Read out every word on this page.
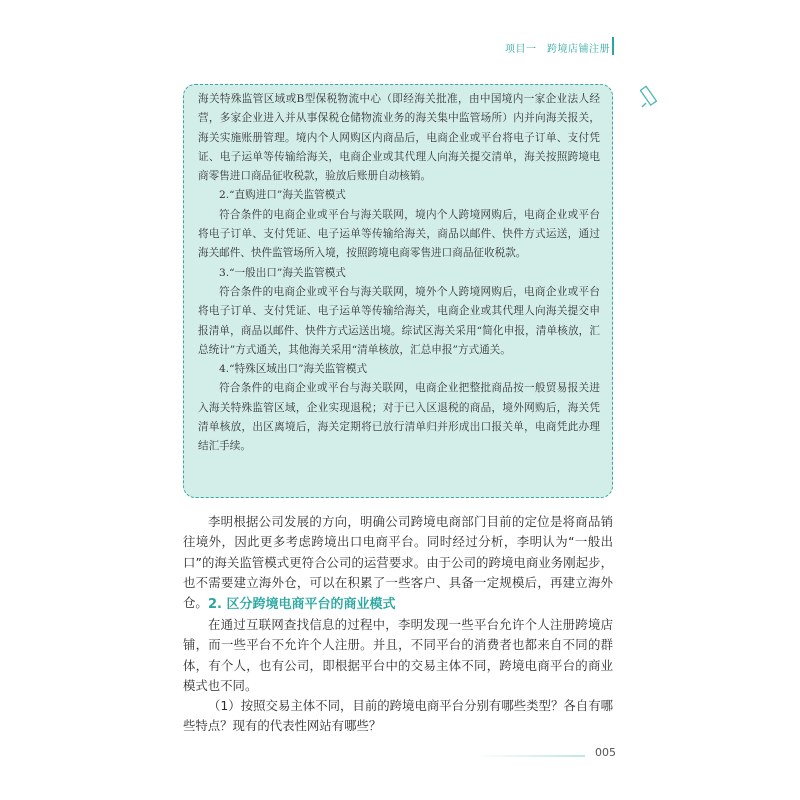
项目一　跨境店铺注册

海关特殊监管区域或B型保税物流中心（即经海关批准，由中国境内一家企业法人经营，多家企业进入并从事保税仓储物流业务的海关集中监管场所）内并向海关报关，海关实施账册管理。境内个人网购区内商品后，电商企业或平台将电子订单、支付凭证、电子运单等传输给海关，电商企业或其代理人向海关提交清单，海关按照跨境电商零售进口商品征收税款，验放后账册自动核销。

2.“直购进口”海关监管模式

符合条件的电商企业或平台与海关联网，境内个人跨境网购后，电商企业或平台将电子订单、支付凭证、电子运单等传输给海关，商品以邮件、快件方式运送，通过海关邮件、快件监管场所入境，按照跨境电商零售进口商品征收税款。

3.“一般出口”海关监管模式

符合条件的电商企业或平台与海关联网，境外个人跨境网购后，电商企业或平台将电子订单、支付凭证、电子运单等传输给海关，电商企业或其代理人向海关提交申报清单，商品以邮件、快件方式运送出境。综试区海关采用“简化申报，清单核放，汇总统计”方式通关，其他海关采用“清单核放，汇总申报”方式通关。

4.“特殊区域出口”海关监管模式

符合条件的电商企业或平台与海关联网，电商企业把整批商品按一般贸易报关进入海关特殊监管区域，企业实现退税；对于已入区退税的商品，境外网购后，海关凭清单核放，出区离境后，海关定期将已放行清单归并形成出口报关单，电商凭此办理结汇手续。

李明根据公司发展的方向，明确公司跨境电商部门目前的定位是将商品销往境外，因此更多考虑跨境出口电商平台。同时经过分析，李明认为“一般出口”的海关监管模式更符合公司的运营要求。由于公司的跨境电商业务刚起步，也不需要建立海外仓，可以在积累了一些客户、具备一定规模后，再建立海外仓。 2. 区分跨境电商平台的商业模式

在通过互联网查找信息的过程中，李明发现一些平台允许个人注册跨境店铺，而一些平台不允许个人注册。并且，不同平台的消费者也都来自不同的群体，有个人，也有公司，即根据平台中的交易主体不同，跨境电商平台的商业模式也不同。

（1）按照交易主体不同，目前的跨境电商平台分别有哪些类型？各自有哪些特点？现有的代表性网站有哪些？

005
